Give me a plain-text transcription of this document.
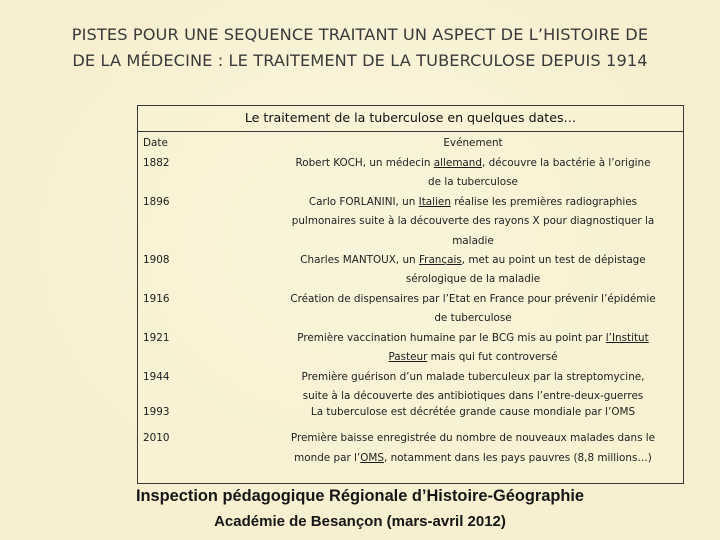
PISTES POUR UNE SEQUENCE TRAITANT UN ASPECT DE L’HISTOIRE DE
DE LA MÉDECINE : LE TRAITEMENT DE LA TUBERCULOSE DEPUIS 1914
Le traitement de la tuberculose en quelques dates…
Date	Evénement
1882	Robert KOCH, un médecin allemand, découvre la bactérie à l’origine
de la tuberculose
1896	Carlo FORLANINI, un Italien réalise les premières radiographies
pulmonaires suite à la découverte des rayons X pour diagnostiquer la
maladie
1908	Charles MANTOUX, un Français, met au point un test de dépistage
sérologique de la maladie
1916	Création de dispensaires par l’Etat en France pour prévenir l’épidémie
de tuberculose
1921	Première vaccination humaine par le BCG mis au point par l’Institut
Pasteur mais qui fut controversé
1944	Première guérison d’un malade tuberculeux par la streptomycine,
suite à la découverte des antibiotiques dans l’entre-deux-guerres
1993	La tuberculose est décrétée grande cause mondiale par l’OMS
2010	Première baisse enregistrée du nombre de nouveaux malades dans le
monde par l’OMS, notamment dans les pays pauvres (8,8 millions…)
Inspection pédagogique Régionale d’Histoire-Géographie
Académie de Besançon (mars-avril 2012)
